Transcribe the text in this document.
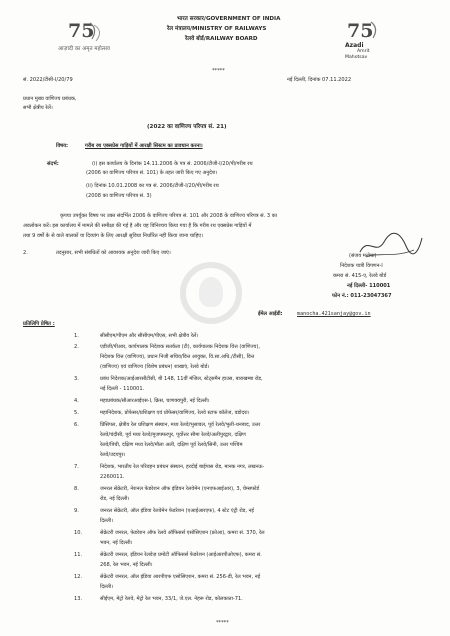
75
आज़ादी का अमृत महोत्सव
भारत सरकार/GOVERNMENT OF INDIA
रेल मंत्रालय/MINISTRY OF RAILWAYS
रेलवे बोर्ड/RAILWAY BOARD	75
Azadi
Amrit
Mahotsav
*****
सं. 2022/टीसी-I/20/79	नई दिल्ली, दिनांक 07.11.2022
प्रधान मुख्य वाणिज्य प्रबंधक,
सभी क्षेत्रीय रेलें।
(2022 का वाणिज्य परिपत्र सं. 21)
विषय:	गरीब रथ एक्सप्रेस गाड़ियों में आरक्षी सिस्टम का प्रावधान करना।
संदर्भ:	(i) इस कार्यालय के दिनांक 14.11.2006 के पत्र सं. 2006/टीजी-I/20/पी/गरीब रथ
(2006 का वाणिज्य परिपत्र सं. 101) के तहत जारी किए गए अनुदेश।
(ii) दिनांक 10.01.2008 का पत्र सं. 2006/टीजी-I/20/पी/गरीब रथ
(2008 का वाणिज्य परिपत्र सं. 3)
कृपया उपर्युक्त विषय पर उक्त संदर्भित 2006 के वाणिज्य परिपत्र सं. 101 और 2008 के वाणिज्य परिपत्र सं. 3 का
अवलोकन करें। इस कार्यालय में मामले की समीक्षा की गई है और यह विनिश्चय किया गया है कि गरीब रथ एक्सप्रेस गाड़ियों में
तथा 9 वर्षों के से वाले बालकों या दिव्यांग के लिए आरक्षी सुविधा निर्धारित नहीं किया जाना चाहिए।
2.	तदनुसार, सभी संबंधितों को आवश्यक अनुदेश जारी किए जाएं।	(संजय मनोचा)
निदेशक यात्री विपणन-I
कमरा सं. 415-ए, रेलवे बोर्ड
नई दिल्ली- 110001
फोन नं.: 011-23047367
ईमेल आईडी:	manocha.421sanjay@gov.in
प्रतिलिपि प्रेषित :
1.	सीसीएम/पीएम और सीसीएम/पीएस, सभी क्षेत्रीय रेलें।
2.	एडीजी/पीआर, कार्यपालक निदेशक सतर्कता (टी), कार्यपालक निदेशक वित्त (वाणिज्य),
निदेशक वित्त (वाणिज्य), प्रधान निजी सचिव/वित्त आयुक्त, वि.सा.अधि./टीसी), वित्त
(वाणिज्य) एवं वाणिज्य (विशेष प्रबंधन) शाखाएं, रेलवे बोर्ड।
3.	प्रबंध निदेशक/आईआरसीटीसी, बी 148, 11वीं मंजिल, स्टेट्समैन हाउस, बाराखम्बा रोड,
नई दिल्ली - 110001.
4.	महाप्रबंधक/सीआरआईएस-I, क्रिस, चाणक्यपुरी, नई दिल्ली।
5.	महानिदेशक, प्रोफेसर/प्रशिक्षण एवं प्रोफेसर/वाणिज्य, रेलवे स्टाफ कॉलेज, वडोदरा।
6.	प्रिंसिपल, क्षेत्रीय रेल प्रशिक्षण संस्थान, मध्य रेलवे/भुसावल, पूर्व रेलवे/भुली-धनबाद, उत्तर
रेलवे/चंदौसी, पूर्व मध्य रेलवे/मुजफ्फरपुर, पूर्वोत्तर सीमा रेलवे/अलीपुरद्वार, दक्षिण
रेलवे/त्रिची, दक्षिण मध्य रेलवे/मौला अली, दक्षिण पूर्व रेलवे/सिनी, उत्तर पश्चिम
रेलवे/उदयपुर।
7.	निदेशक, भारतीय रेल परिवहन प्रबंधन संस्थान, हरदोई बाईपास रोड, मानक नगर, लखनऊ-
2260011.
8.	जनरल सेक्रेटरी, नेशनल फेडरेशन ऑफ इंडियन रेलवेमेन (एनएफआईआर), 3, चेम्सफोर्ड
रोड, नई दिल्ली।
9.	जनरल सेक्रेटरी, ऑल इंडिया रेलवेमेन फेडरेशन (एआईआरएफ), 4 स्टेट एंट्री रोड, नई
दिल्ली।
10.	सेक्रेटरी जनरल, फेडरेशन ऑफ रेलवे ऑफिसर्स एसोसिएशन (फ्रोआ), कमरा सं. 370, रेल
भवन, नई दिल्ली।
11.	सेक्रेटरी जनरल, इंडियन रेलवेज़ प्रमोटी ऑफिसर्स फेडरेशन (आईआरपीओएफ), कमरा सं.
268, रेल भवन, नई दिल्ली।
12.	सेक्रेटरी जनरल, ऑल इंडिया आरपीएफ एसोसिएशन, कमरा सं. 256-डी, रेल भवन, नई
दिल्ली।
13.	सीईएम, मेट्रो रेलवे, मेट्रो रेल भवन, 33/1, जे.एल. नेहरू रोड, कोलकाता-71.
*****
